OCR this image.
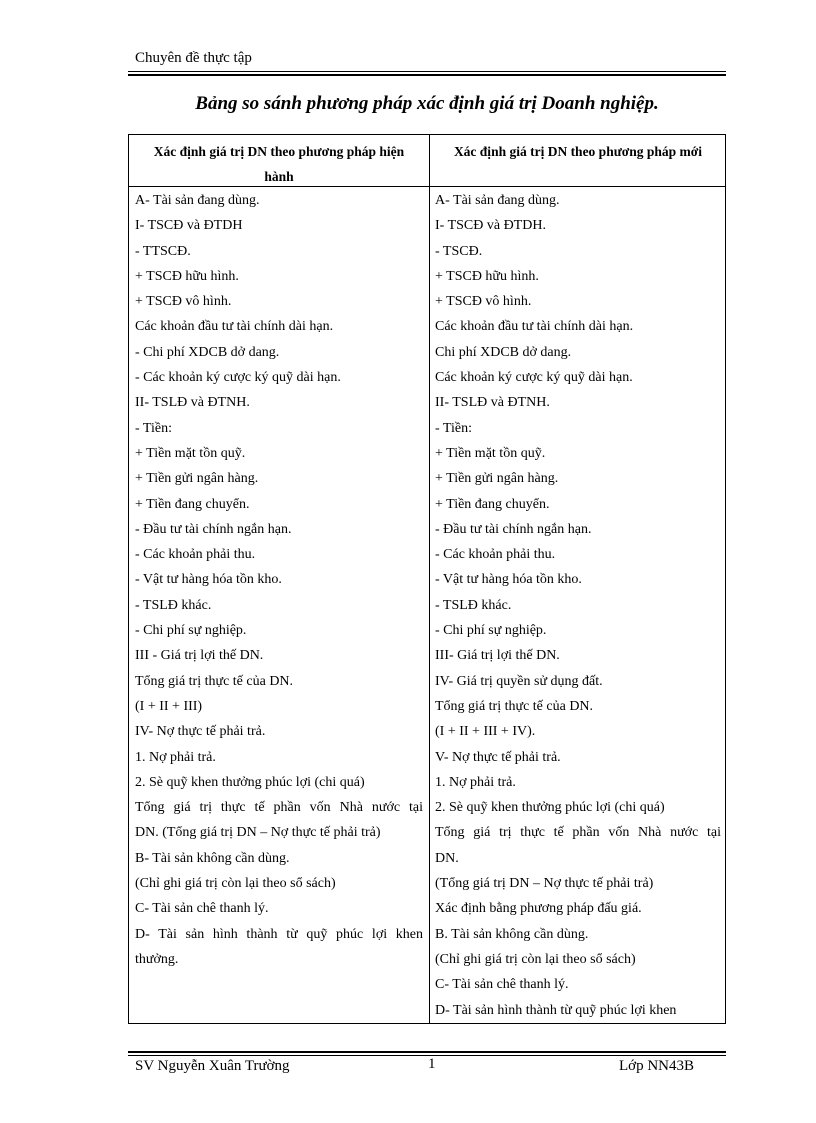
Chuyên đề thực tập
Bảng so sánh phương pháp xác định giá trị Doanh nghiệp.
Xác định giá trị DN theo phương pháp hiện
hành
Xác định giá trị DN theo phương pháp mới
A- Tài sản đang dùng.
I- TSCĐ và ĐTDH
- TTSCĐ.
+ TSCĐ hữu hình.
+ TSCĐ vô hình.
Các khoản đầu tư tài chính dài hạn.
- Chi phí XDCB dở dang.
- Các khoản ký cược ký quỹ dài hạn.
II- TSLĐ và ĐTNH.
- Tiền:
+ Tiền mặt tồn quỹ.
+ Tiền gửi ngân hàng.
+ Tiền đang chuyển.
- Đầu tư tài chính ngắn hạn.
- Các khoản phải thu.
- Vật tư hàng hóa tồn kho.
- TSLĐ khác.
- Chi phí sự nghiệp.
III - Giá trị lợi thế DN.
Tổng giá trị thực tế của DN.
(I + II + III)
IV- Nợ thực tế phải trả.
1. Nợ phải trả.
2. Sè quỹ khen thưởng phúc lợi (chi quá)
Tổng giá trị thực tế phần vốn Nhà nước tại
DN. (Tổng giá trị DN – Nợ thực tế phải trả)
B- Tài sản không cần dùng.
(Chỉ ghi giá trị còn lại theo sổ sách)
C- Tài sản chê thanh lý.
D- Tài sản hình thành từ quỹ phúc lợi khen
thưởng.
A- Tài sản đang dùng.
I- TSCĐ và ĐTDH.
- TSCĐ.
+ TSCĐ hữu hình.
+ TSCĐ vô hình.
Các khoản đầu tư tài chính dài hạn.
Chi phí XDCB dở dang.
Các khoản ký cược ký quỹ dài hạn.
II- TSLĐ và ĐTNH.
- Tiền:
+ Tiền mặt tồn quỹ.
+ Tiền gửi ngân hàng.
+ Tiền đang chuyển.
- Đầu tư tài chính ngắn hạn.
- Các khoản phải thu.
- Vật tư hàng hóa tồn kho.
- TSLĐ khác.
- Chi phí sự nghiệp.
III- Giá trị lợi thế DN.
IV- Giá trị quyền sử dụng đất.
Tổng giá trị thực tế của DN.
(I + II + III + IV).
V- Nợ thực tế phải trả.
1. Nợ phải trả.
2. Sè quỹ khen thưởng phúc lợi (chi quá)
Tổng giá trị thực tế phần vốn Nhà nước tại
DN.
(Tổng giá trị DN – Nợ thực tế phải trả)
Xác định bằng phương pháp đấu giá.
B. Tài sản không cần dùng.
(Chỉ ghi giá trị còn lại theo sổ sách)
C- Tài sản chê thanh lý.
D- Tài sản hình thành từ quỹ phúc lợi khen
SV Nguyễn Xuân Trường	1	Lớp NN43B
